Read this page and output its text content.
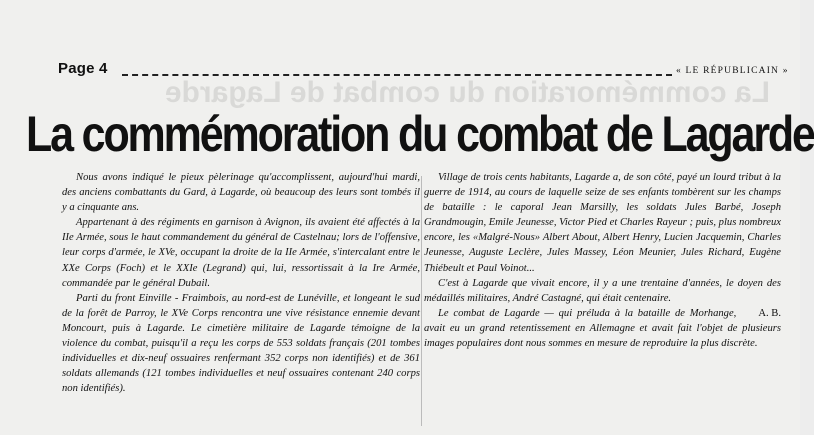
La commémoration du combat de Lagarde
Page 4	« LE RÉPUBLICAIN »
La commémoration du combat de Lagarde

Nous avons indiqué le pieux pèlerinage qu'accomplissent, aujourd'hui mardi, des anciens combattants du Gard, à Lagarde, où beaucoup des leurs sont tombés il y a cinquante ans.

Appartenant à des régiments en garnison à Avignon, ils avaient été affectés à la IIe Armée, sous le haut commandement du général de Castelnau; lors de l'offensive, leur corps d'armée, le XVe, occupant la droite de la IIe Armée, s'intercalant entre le XXe Corps (Foch) et le XXIe (Legrand) qui, lui, ressortissait à la Ire Armée, commandée par le général Dubail.

Parti du front Einville - Fraimbois, au nord-est de Lunéville, et longeant le sud de la forêt de Parroy, le XVe Corps rencontra une vive résistance ennemie devant Moncourt, puis à Lagarde. Le cimetière militaire de Lagarde témoigne de la violence du combat, puisqu'il a reçu les corps de 553 soldats français (201 tombes individuelles et dix-neuf ossuaires renfermant 352 corps non identifiés) et de 361 soldats allemands (121 tombes individuelles et neuf ossuaires contenant 240 corps non identifiés).

Village de trois cents habitants, Lagarde a, de son côté, payé un lourd tribut à la guerre de 1914, au cours de laquelle seize de ses enfants tombèrent sur les champs de bataille : le caporal Jean Marsilly, les soldats Jules Barbé, Joseph Grandmougin, Emile Jeunesse, Victor Pied et Charles Rayeur ; puis, plus nombreux encore, les «Malgré-Nous» Albert About, Albert Henry, Lucien Jacquemin, Charles Jeunesse, Auguste Leclère, Jules Massey, Léon Meunier, Jules Richard, Eugène Thiébeult et Paul Voinot...

C'est à Lagarde que vivait encore, il y a une trentaine d'années, le doyen des médaillés militaires, André Castagné, qui était centenaire.

A. B.
Le combat de Lagarde — qui préluda à la bataille de Morhange, avait eu un grand retentissement en Allemagne et avait fait l'objet de plusieurs images populaires dont nous sommes en mesure de reproduire la plus discrète.
